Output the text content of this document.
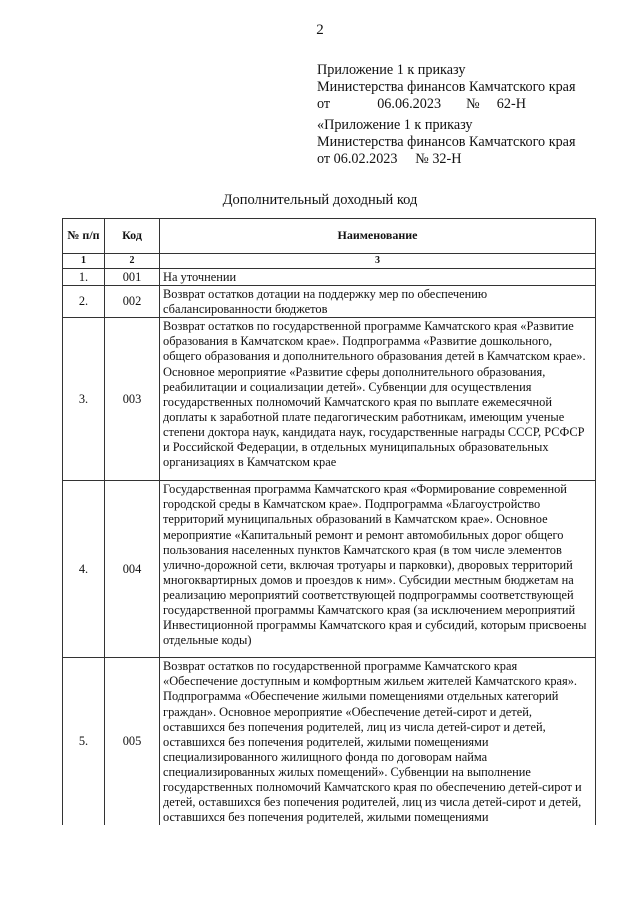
2
Приложение 1 к приказу
Министерства финансов Камчатского края
от	06.06.2023 № 62-Н
«Приложение 1 к приказу
Министерства финансов Камчатского края
от 06.02.2023     № 32-Н
Дополнительный доходный код
№ п/п	Код	Наименование
1	2	3
1.	001	На уточнении
2.	002	Возврат остатков дотации на поддержку мер по обеспечению сбалансированности бюджетов
3.	003	Возврат остатков по государственной программе Камчатского края «Развитие образования в Камчатском крае». Подпрограмма «Развитие дошкольного, общего образования и дополнительного образования детей в Камчатском крае». Основное мероприятие «Развитие сферы дополнительного образования, реабилитации и социализации детей». Субвенции для осуществления государственных полномочий Камчатского края по выплате ежемесячной доплаты к заработной плате педагогическим работникам, имеющим ученые степени доктора наук, кандидата наук, государственные награды СССР, РСФСР и Российской Федерации, в отдельных муниципальных образовательных организациях в Камчатском крае
4.	004	Государственная программа Камчатского края «Формирование современной городской среды в Камчатском крае». Подпрограмма «Благоустройство территорий муниципальных образований в Камчатском крае». Основное мероприятие «Капитальный ремонт и ремонт автомобильных дорог общего пользования населенных пунктов Камчатского края (в том числе элементов улично-дорожной сети, включая тротуары и парковки), дворовых территорий многоквартирных домов и проездов к ним». Субсидии местным бюджетам на реализацию мероприятий соответствующей подпрограммы соответствующей государственной программы Камчатского края (за исключением мероприятий Инвестиционной программы Камчатского края и субсидий, которым присвоены отдельные коды)
5.	005	Возврат остатков по государственной программе Камчатского края «Обеспечение доступным и комфортным жильем жителей Камчатского края». Подпрограмма «Обеспечение жилыми помещениями отдельных категорий граждан». Основное мероприятие «Обеспечение детей-сирот и детей, оставшихся без попечения родителей, лиц из числа детей-сирот и детей, оставшихся без попечения родителей, жилыми помещениями специализированного жилищного фонда по договорам найма специализированных жилых помещений». Субвенции на выполнение государственных полномочий Камчатского края по обеспечению детей-сирот и детей, оставшихся без попечения родителей, лиц из числа детей-сирот и детей, оставшихся без попечения родителей, жилыми помещениями
